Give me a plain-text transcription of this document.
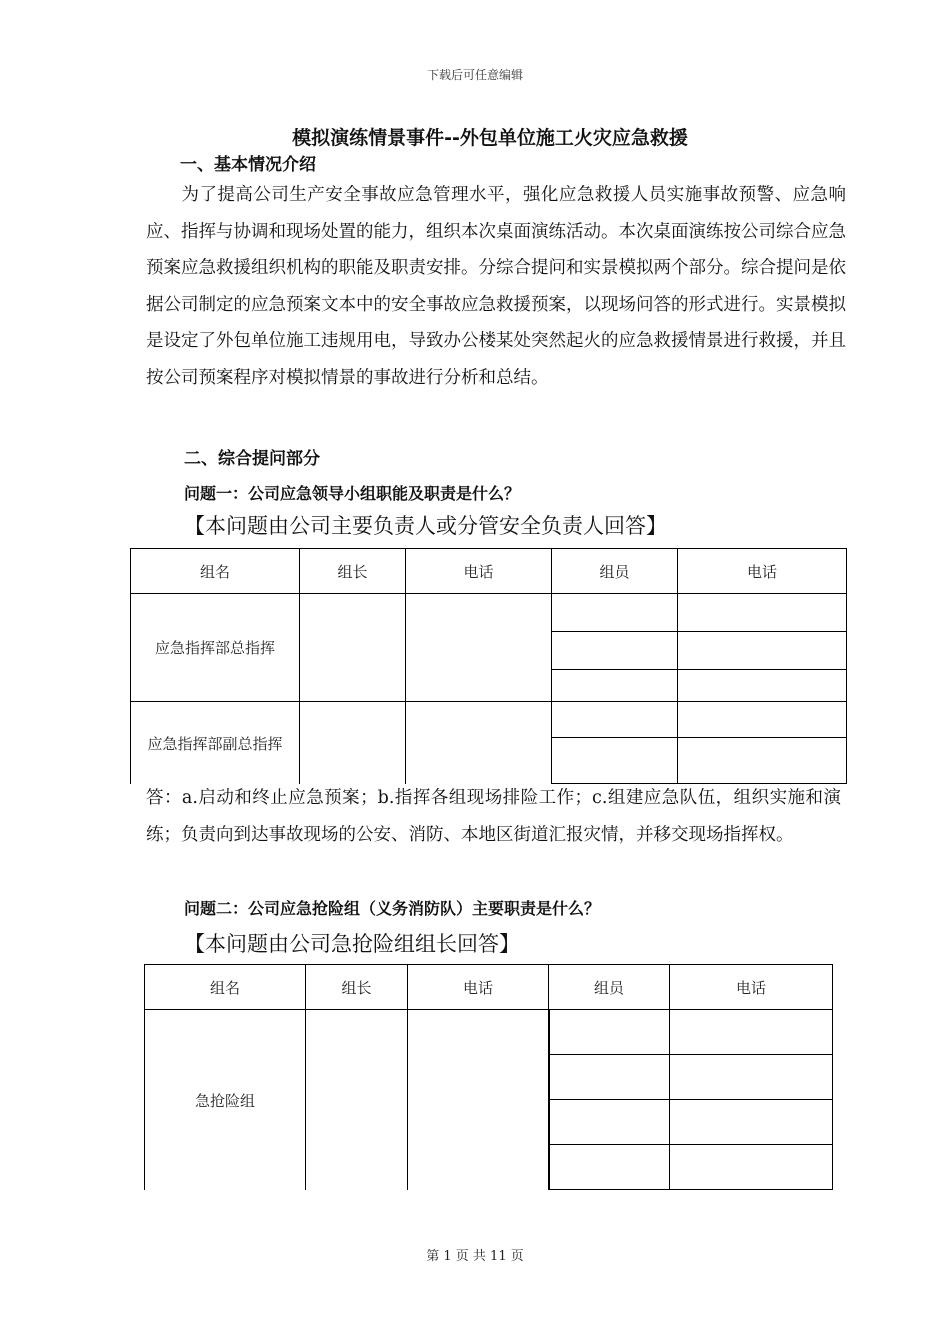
下载后可任意编辑
模拟演练情景事件--外包单位施工火灾应急救援
一、基本情况介绍
为了提高公司生产安全事故应急管理水平，强化应急救援人员实施事故预警、应急响应、指挥与协调和现场处置的能力，组织本次桌面演练活动。本次桌面演练按公司综合应急预案应急救援组织机构的职能及职责安排。分综合提问和实景模拟两个部分。综合提问是依据公司制定的应急预案文本中的安全事故应急救援预案，以现场问答的形式进行。实景模拟是设定了外包单位施工违规用电，导致办公楼某处突然起火的应急救援情景进行救援，并且按公司预案程序对模拟情景的事故进行分析和总结。
二、综合提问部分
问题一：公司应急领导小组职能及职责是什么？
【本问题由公司主要负责人或分管安全负责人回答】
组名	组长	电话	组员	电话
应急指挥部总指挥
应急指挥部副总指挥
答：a.启动和终止应急预案；b.指挥各组现场排险工作；c.组建应急队伍，组织实施和演练；负责向到达事故现场的公安、消防、本地区街道汇报灾情，并移交现场指挥权。
问题二：公司应急抢险组（义务消防队）主要职责是什么？
【本问题由公司急抢险组组长回答】
组名	组长	电话	组员	电话
急抢险组
第 1 页 共 11 页
